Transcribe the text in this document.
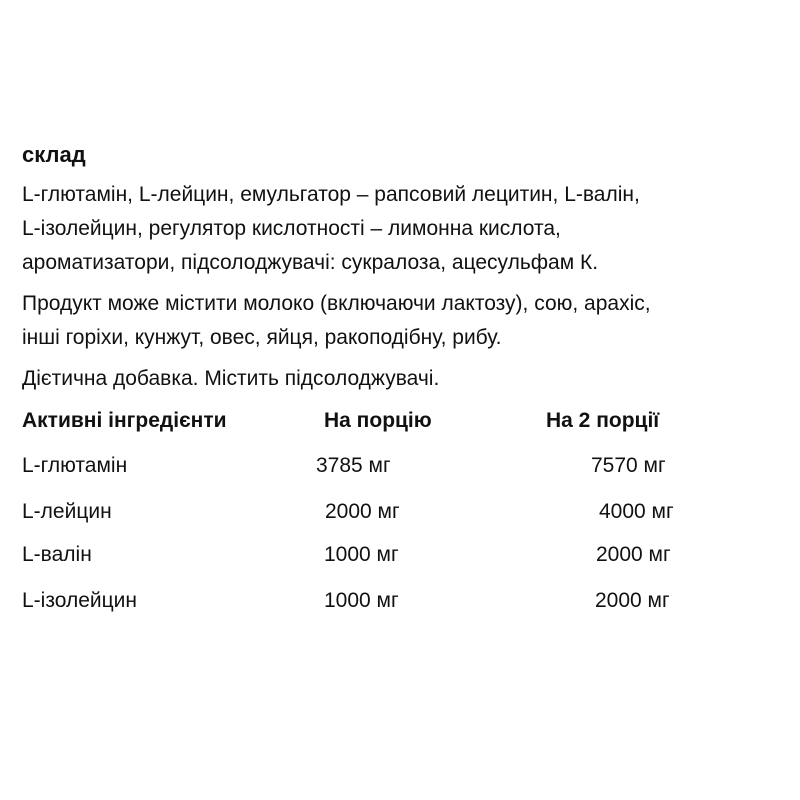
склад

L-глютамін, L-лейцин, емульгатор – рапсовий лецитин, L-валін,
L-ізолейцин, регулятор кислотності – лимонна кислота,
ароматизатори, підсолоджувачі: сукралоза, ацесульфам К.

Продукт може містити молоко (включаючи лактозу), сою, арахіс,
інші горіхи, кунжут, овес, яйця, ракоподібну, рибу.

Дієтична добавка. Містить підсолоджувачі.

Активні інгредієнти	На порцію	На 2 порції
L-глютамін	3785 мг	7570 мг
L-лейцин	2000 мг	4000 мг
L-валін	1000 мг	2000 мг
L-ізолейцин	1000 мг	2000 мг
